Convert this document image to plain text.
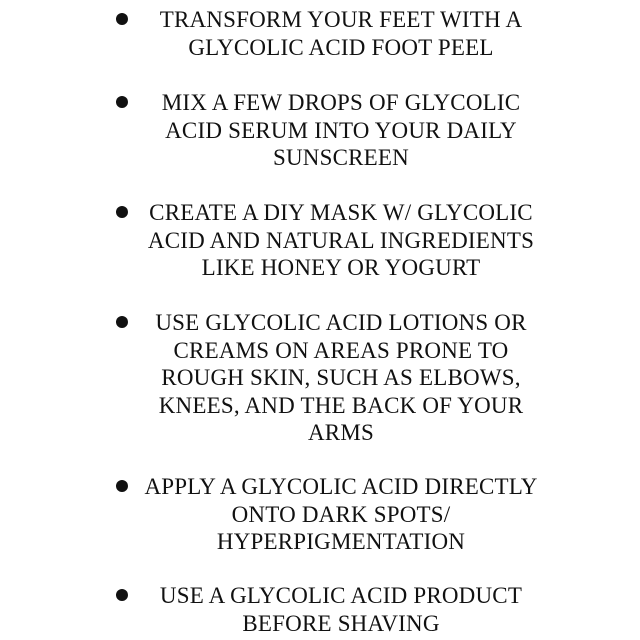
TRANSFORM YOUR FEET WITH A
GLYCOLIC ACID FOOT PEEL

MIX A FEW DROPS OF GLYCOLIC
ACID SERUM INTO YOUR DAILY
SUNSCREEN

CREATE A DIY MASK W/ GLYCOLIC
ACID AND NATURAL INGREDIENTS
LIKE HONEY OR YOGURT

USE GLYCOLIC ACID LOTIONS OR
CREAMS ON AREAS PRONE TO
ROUGH SKIN, SUCH AS ELBOWS,
KNEES, AND THE BACK OF YOUR
ARMS

APPLY A GLYCOLIC ACID DIRECTLY
ONTO DARK SPOTS/
HYPERPIGMENTATION

USE A GLYCOLIC ACID PRODUCT
BEFORE SHAVING
